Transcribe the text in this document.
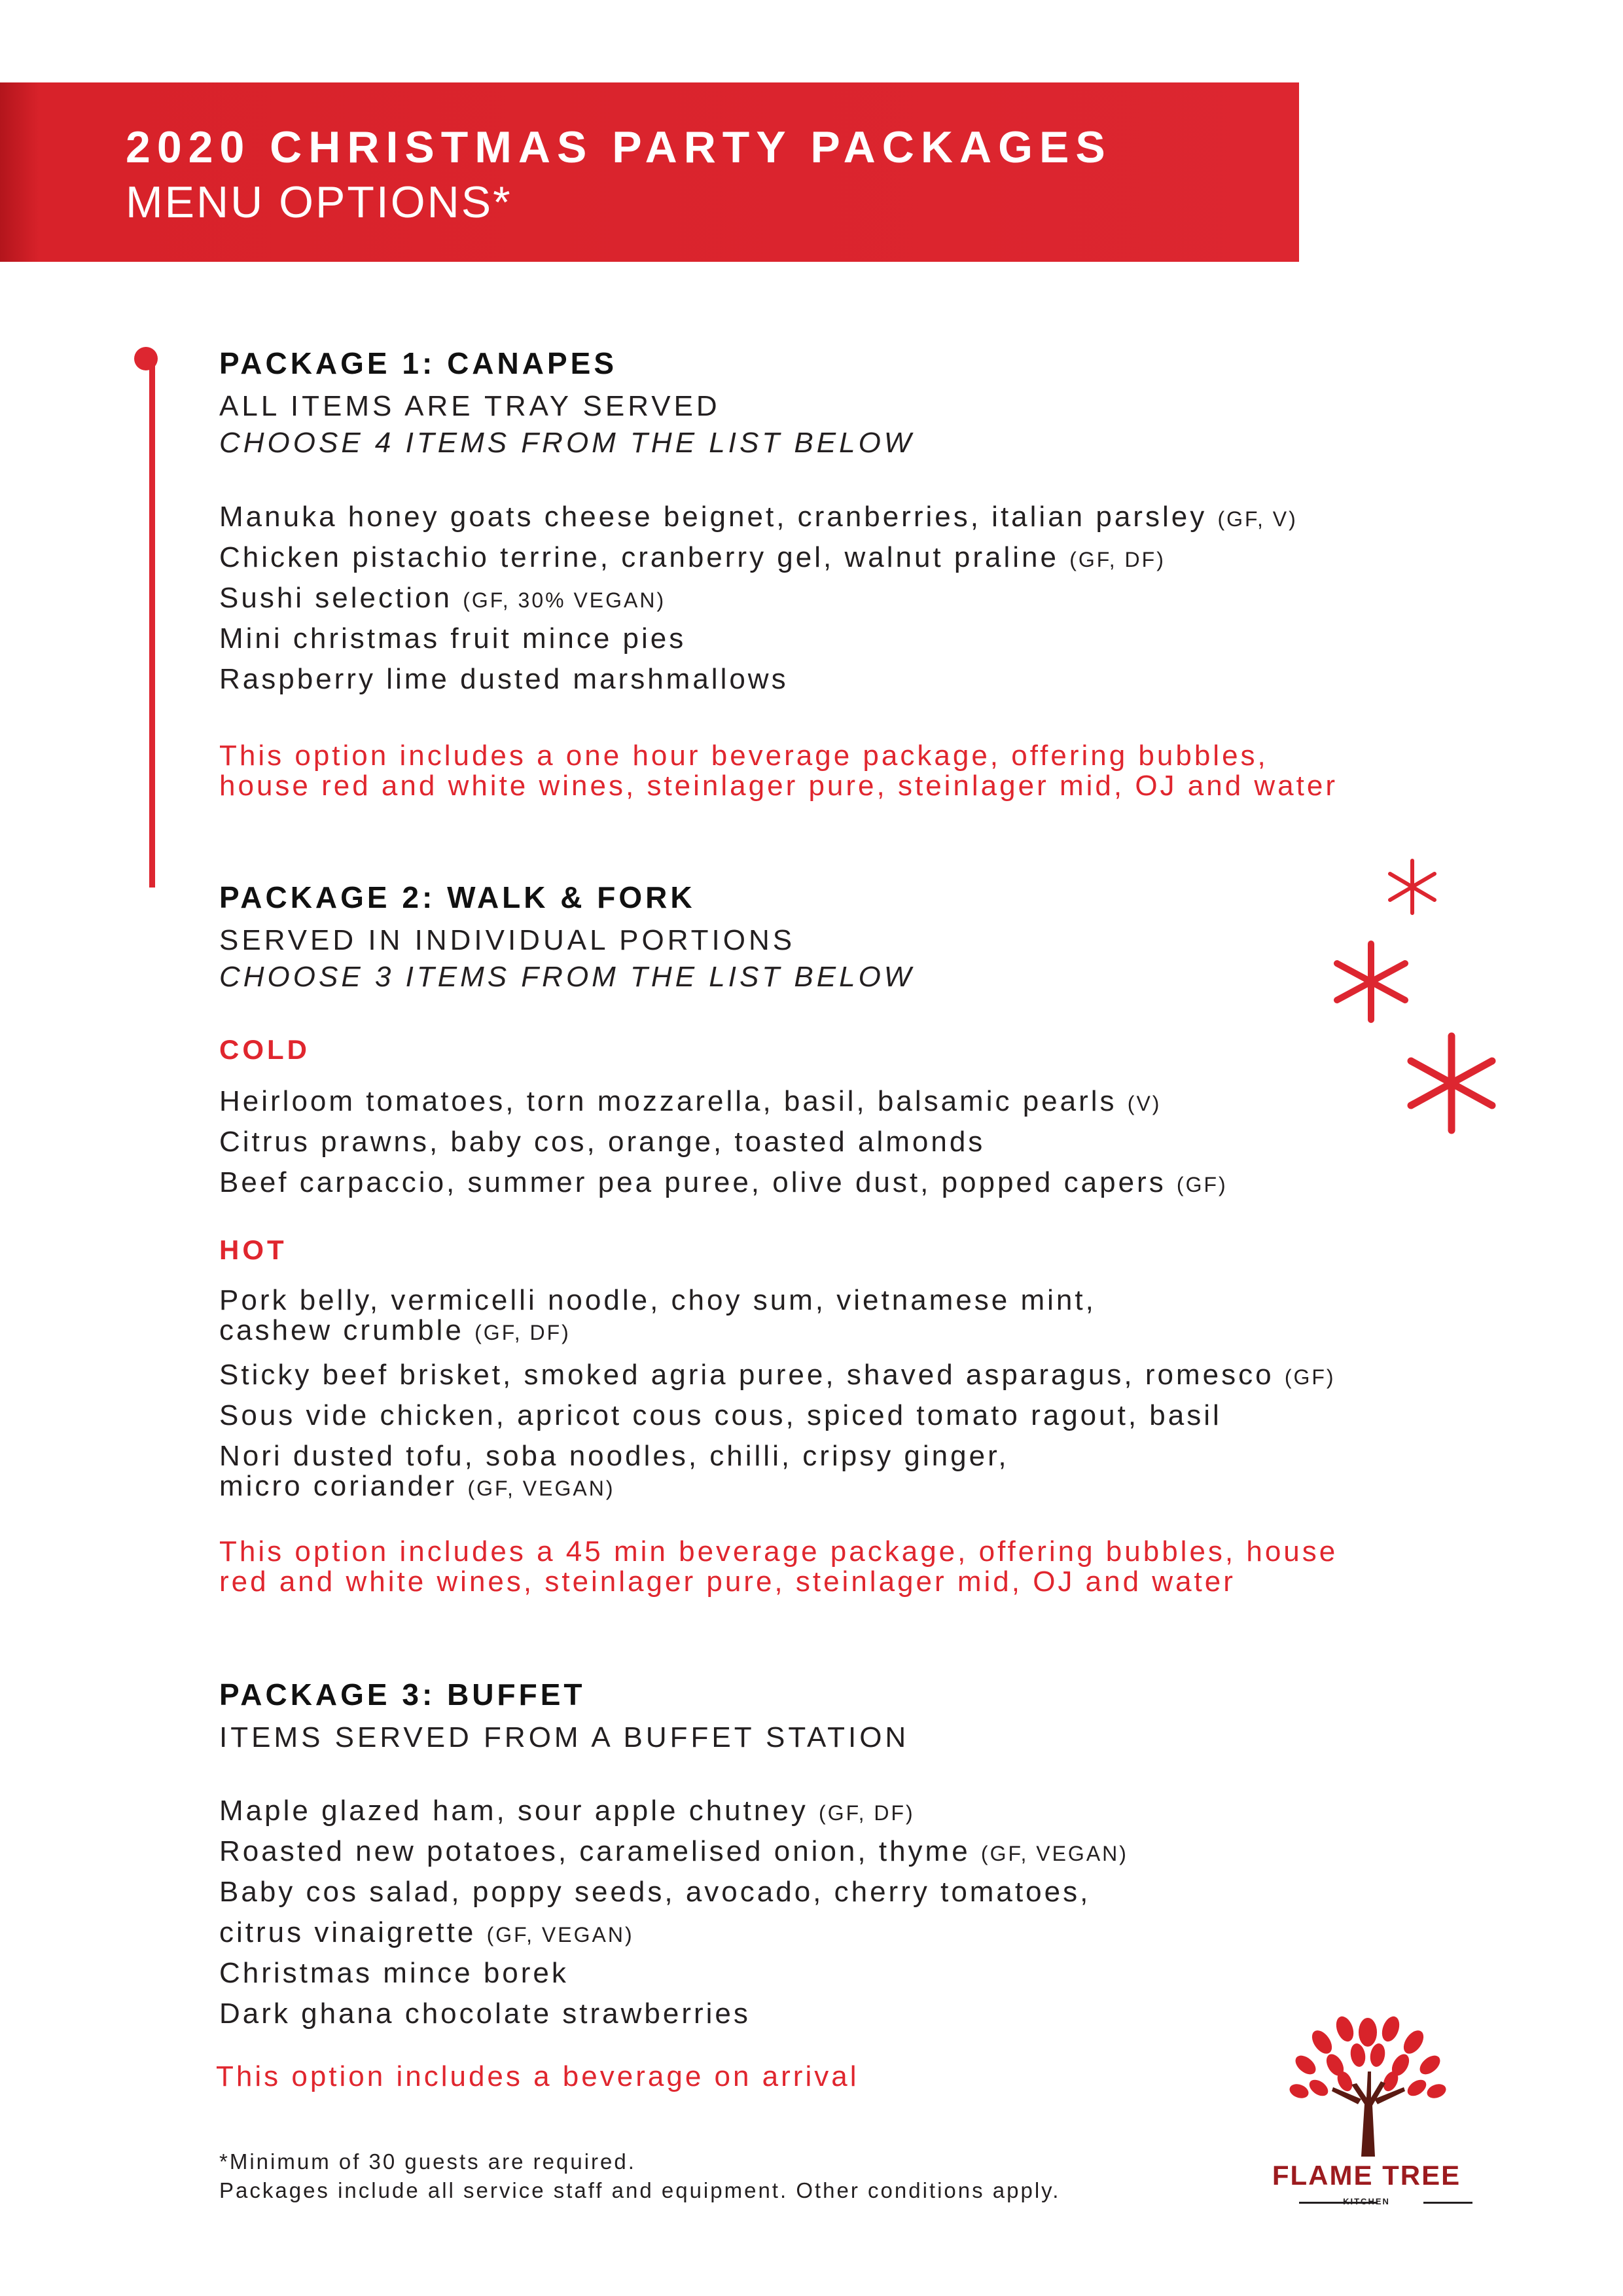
2020 CHRISTMAS PARTY PACKAGES
MENU OPTIONS*
PACKAGE 1: CANAPES
ALL ITEMS ARE TRAY SERVED
CHOOSE 4 ITEMS FROM THE LIST BELOW
Manuka honey goats cheese beignet, cranberries, italian parsley (GF, V)
Chicken pistachio terrine, cranberry gel, walnut praline (GF, DF)
Sushi selection (GF, 30% VEGAN)
Mini christmas fruit mince pies
Raspberry lime dusted marshmallows
This option includes a one hour beverage package, offering bubbles,
house red and white wines, steinlager pure, steinlager mid, OJ and water
PACKAGE 2: WALK & FORK
SERVED IN INDIVIDUAL PORTIONS
CHOOSE 3 ITEMS FROM THE LIST BELOW
COLD
Heirloom tomatoes, torn mozzarella, basil, balsamic pearls (V)
Citrus prawns, baby cos, orange, toasted almonds
Beef carpaccio, summer pea puree, olive dust, popped capers (GF)
HOT
Pork belly, vermicelli noodle, choy sum, vietnamese mint,
cashew crumble (GF, DF)
Sticky beef brisket, smoked agria puree, shaved asparagus, romesco (GF)
Sous vide chicken, apricot cous cous, spiced tomato ragout, basil
Nori dusted tofu, soba noodles, chilli, cripsy ginger,
micro coriander (GF, VEGAN)
This option includes a 45 min beverage package, offering bubbles, house
red and white wines, steinlager pure, steinlager mid, OJ and water
PACKAGE 3: BUFFET
ITEMS SERVED FROM A BUFFET STATION
Maple glazed ham, sour apple chutney (GF, DF)
Roasted new potatoes, caramelised onion, thyme (GF, VEGAN)
Baby cos salad, poppy seeds, avocado, cherry tomatoes,
citrus vinaigrette (GF, VEGAN)
Christmas mince borek
Dark ghana chocolate strawberries
This option includes a beverage on arrival
*Minimum of 30 guests are required.
Packages include all service staff and equipment. Other conditions apply.	FLAME TREE
KITCHEN
